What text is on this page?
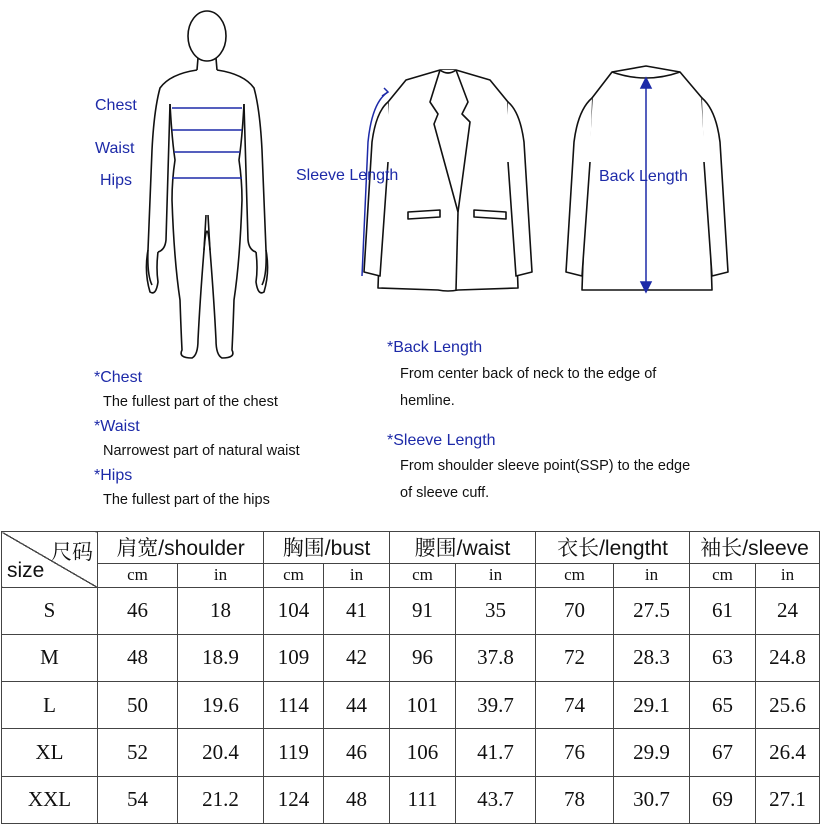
Chest
Waist
Hips	Sleeve Length	Back Length
*Chest
The fullest part of the chest
*Waist
Narrowest part of natural waist
*Hips
The fullest part of the hips
*Back Length
From center back of neck to the edge of
hemline.
*Sleeve Length
From shoulder sleeve point(SSP) to the edge
of sleeve cuff.
尺码
size	肩宽/shoulder		胸围/bust		腰围/waist		衣长/lengtht		袖长/sleeve	
	cm	in	cm	in	cm	in	cm	in	cm	in
S	46	18	104	41	91	35	70	27.5	61	24
M	48	18.9	109	42	96	37.8	72	28.3	63	24.8
L	50	19.6	114	44	101	39.7	74	29.1	65	25.6
XL	52	20.4	119	46	106	41.7	76	29.9	67	26.4
XXL	54	21.2	124	48	111	43.7	78	30.7	69	27.1
